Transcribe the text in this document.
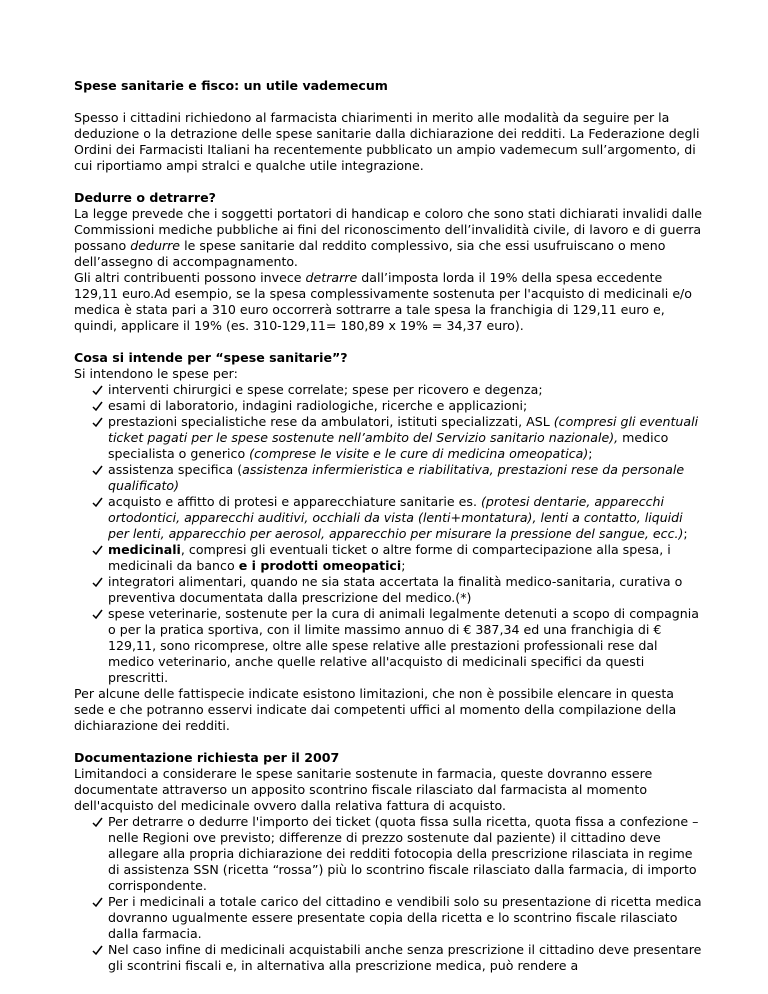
Spese sanitarie e fisco: un utile vademecum

Spesso i cittadini richiedono al farmacista chiarimenti in merito alle modalità da seguire per la deduzione o la detrazione delle spese sanitarie dalla dichiarazione dei redditi. La Federazione degli Ordini dei Farmacisti Italiani ha recentemente pubblicato un ampio vademecum sull’argomento, di cui riportiamo ampi stralci e qualche utile integrazione.

Dedurre o detrarre?

La legge prevede che i soggetti portatori di handicap e coloro che sono stati dichiarati invalidi dalle Commissioni mediche pubbliche ai fini del riconoscimento dell’invalidità civile, di lavoro e di guerra possano dedurre le spese sanitarie dal reddito complessivo, sia che essi usufruiscano o meno dell’assegno di accompagnamento.

Gli altri contribuenti possono invece detrarre dall’imposta lorda il 19% della spesa eccedente 129,11 euro.Ad esempio, se la spesa complessivamente sostenuta per l'acquisto di medicinali e/o medica è stata pari a 310 euro occorrerà sottrarre a tale spesa la franchigia di 129,11 euro e, quindi, applicare il 19% (es. 310-129,11= 180,89 x 19% = 34,37 euro).

Cosa si intende per “spese sanitarie”?

Si intendono le spese per:

interventi chirurgici e spese correlate; spese per ricovero e degenza;
esami di laboratorio, indagini radiologiche, ricerche e applicazioni;
prestazioni specialistiche rese da ambulatori, istituti specializzati, ASL (compresi gli eventuali ticket pagati per le spese sostenute nell’ambito del Servizio sanitario nazionale), medico specialista o generico (comprese le visite e le cure di medicina omeopatica);
assistenza specifica (assistenza infermieristica e riabilitativa, prestazioni rese da personale qualificato)
acquisto e affitto di protesi e apparecchiature sanitarie es. (protesi dentarie, apparecchi ortodontici, apparecchi auditivi, occhiali da vista (lenti+montatura), lenti a contatto, liquidi per lenti, apparecchio per aerosol, apparecchio per misurare la pressione del sangue, ecc.);
medicinali, compresi gli eventuali ticket o altre forme di compartecipazione alla spesa, i medicinali da banco e i prodotti omeopatici;
integratori alimentari, quando ne sia stata accertata la finalità medico-sanitaria, curativa o preventiva documentata dalla prescrizione del medico.(*)
spese veterinarie, sostenute per la cura di animali legalmente detenuti a scopo di compagnia o per la pratica sportiva, con il limite massimo annuo di € 387,34 ed una franchigia di € 129,11, sono ricomprese, oltre alle spese relative alle prestazioni professionali rese dal medico veterinario, anche quelle relative all'acquisto di medicinali specifici da questi prescritti.

Per alcune delle fattispecie indicate esistono limitazioni, che non è possibile elencare in questa sede e che potranno esservi indicate dai competenti uffici al momento della compilazione della dichiarazione dei redditi.

Documentazione richiesta per il 2007

Limitandoci a considerare le spese sanitarie sostenute in farmacia, queste dovranno essere documentate attraverso un apposito scontrino fiscale rilasciato dal farmacista al momento dell'acquisto del medicinale ovvero dalla relativa fattura di acquisto.

Per detrarre o dedurre l'importo dei ticket (quota fissa sulla ricetta, quota fissa a confezione – nelle Regioni ove previsto; differenze di prezzo sostenute dal paziente) il cittadino deve allegare alla propria dichiarazione dei redditi fotocopia della prescrizione rilasciata in regime di assistenza SSN (ricetta “rossa”) più lo scontrino fiscale rilasciato dalla farmacia, di importo corrispondente.
Per i medicinali a totale carico del cittadino e vendibili solo su presentazione di ricetta medica dovranno ugualmente essere presentate copia della ricetta e lo scontrino fiscale rilasciato dalla farmacia.
Nel caso infine di medicinali acquistabili anche senza prescrizione il cittadino deve presentare gli scontrini fiscali e, in alternativa alla prescrizione medica, può rendere a
